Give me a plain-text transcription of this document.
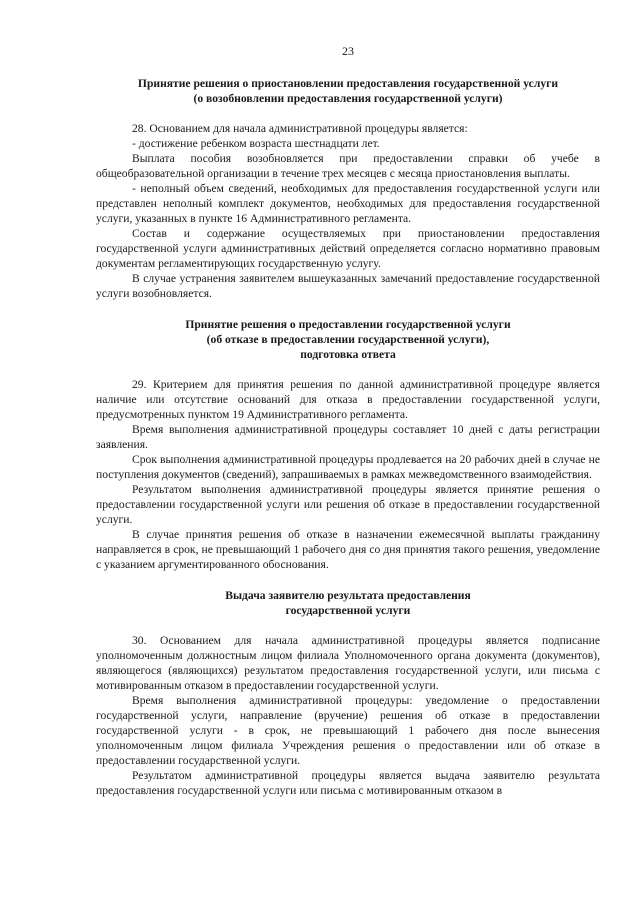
23
Принятие решения о приостановлении предоставления государственной услуги
(о возобновлении предоставления государственной услуги)

28. Основанием для начала административной процедуры является:

- достижение ребенком возраста шестнадцати лет.

Выплата пособия возобновляется при предоставлении справки об учебе в общеобразовательной организации в течение трех месяцев с месяца приостановления выплаты.

- неполный объем сведений, необходимых для предоставления государственной услуги или представлен неполный комплект документов, необходимых для предоставления государственной услуги, указанных в пункте 16 Административного регламента.

Состав и содержание осуществляемых при приостановлении предоставления государственной услуги административных действий определяется согласно нормативно правовым документам регламентирующих государственную услугу.

В случае устранения заявителем вышеуказанных замечаний предоставление государственной услуги возобновляется.

Принятие решения о предоставлении государственной услуги
(об отказе в предоставлении государственной услуги),
подготовка ответа

29. Критерием для принятия решения по данной административной процедуре является наличие или отсутствие оснований для отказа в предоставлении государственной услуги, предусмотренных пунктом 19 Административного регламента.

Время выполнения административной процедуры составляет 10 дней с даты регистрации заявления.

Срок выполнения административной процедуры продлевается на 20 рабочих дней в случае не поступления документов (сведений), запрашиваемых в рамках межведомственного взаимодействия.

Результатом выполнения административной процедуры является принятие решения о предоставлении государственной услуги или решения об отказе в предоставлении государственной услуги.

В случае принятия решения об отказе в назначении ежемесячной выплаты гражданину направляется в срок, не превышающий 1 рабочего дня со дня принятия такого решения, уведомление с указанием аргументированного обоснования.

Выдача заявителю результата предоставления
государственной услуги

30. Основанием для начала административной процедуры является подписание уполномоченным должностным лицом филиала Уполномоченного органа документа (документов), являющегося (являющихся) результатом предоставления государственной услуги, или письма с мотивированным отказом в предоставлении государственной услуги.

Время выполнения административной процедуры: уведомление о предоставлении государственной услуги, направление (вручение) решения об отказе в предоставлении государственной услуги - в срок, не превышающий 1 рабочего дня после вынесения уполномоченным лицом филиала Учреждения решения о предоставлении или об отказе в предоставлении государственной услуги.

Результатом административной процедуры является выдача заявителю результата предоставления государственной услуги или письма с мотивированным отказом в
